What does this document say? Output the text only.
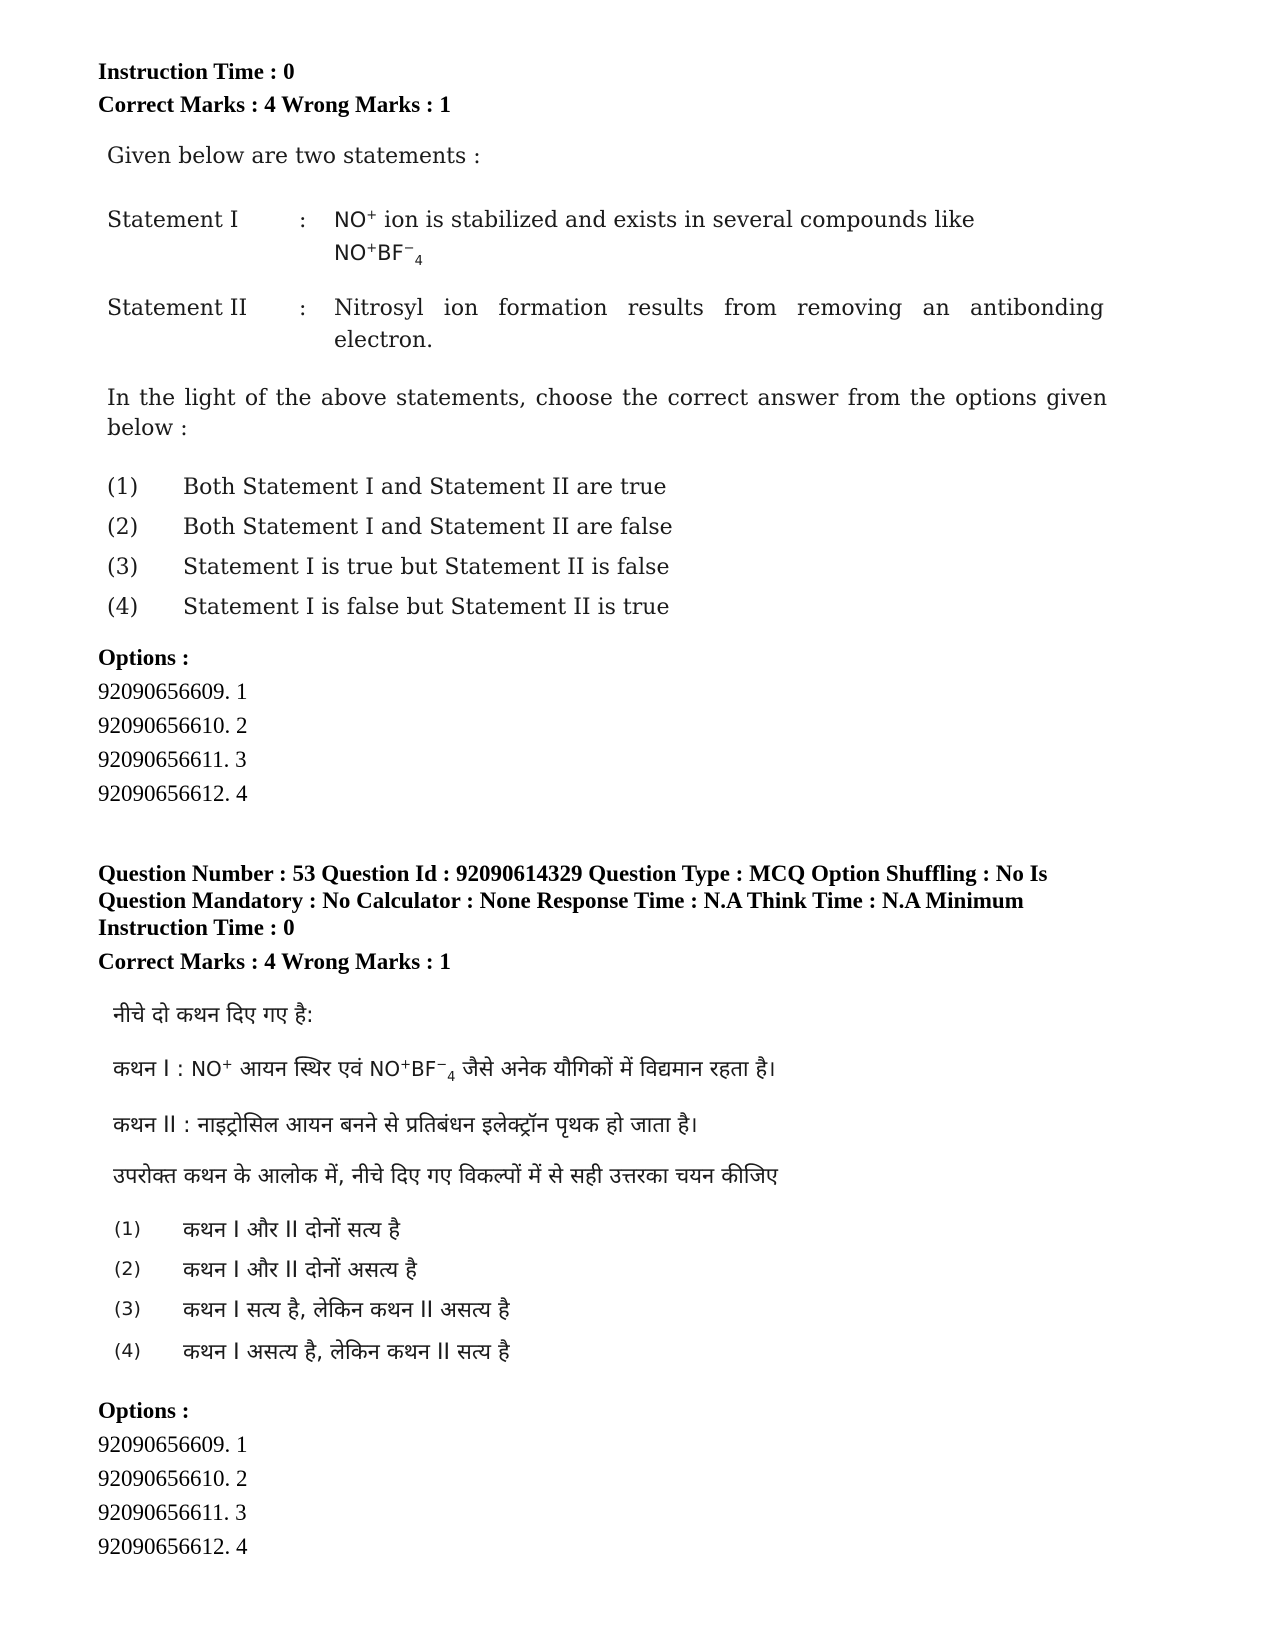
Instruction Time : 0
Correct Marks : 4 Wrong Marks : 1
Given below are two statements :
Statement I	: NO+ ion is stabilized and exists in several compounds like
$NO^+BF^-_4$
Statement II : Nitrosyl ion formation results from removing an antibonding electron.
In the light of the above statements, choose the correct answer from the options given below :
(1) Both Statement I and Statement II are true
(2) Both Statement I and Statement II are false
(3) Statement I is true but Statement II is false
(4) Statement I is false but Statement II is true
Options :
92090656609. 1
92090656610. 2
92090656611. 3
92090656612. 4
Question Number : 53 Question Id : 92090614329 Question Type : MCQ Option Shuffling : No Is
Question Mandatory : No Calculator : None Response Time : N.A Think Time : N.A Minimum
Instruction Time : 0
Correct Marks : 4 Wrong Marks : 1
नीचे दो कथन दिए गए है:
कथन I : NO+ आयन स्थिर एवं $NO^+BF^-_4$ जैसे अनेक यौगिकों में विद्यमान रहता है।
कथन II : नाइट्रोसिल आयन बनने से प्रतिबंधन इलेक्ट्रॉन पृथक हो जाता है।
उपरोक्त कथन के आलोक में, नीचे दिए गए विकल्पों में से सही उत्तरका चयन कीजिए
(1) कथन I और II दोनों सत्य है
(2) कथन I और II दोनों असत्य है
(3) कथन I सत्य है, लेकिन कथन II असत्य है
(4) कथन I असत्य है, लेकिन कथन II सत्य है
Options :
92090656609. 1
92090656610. 2
92090656611. 3
92090656612. 4
